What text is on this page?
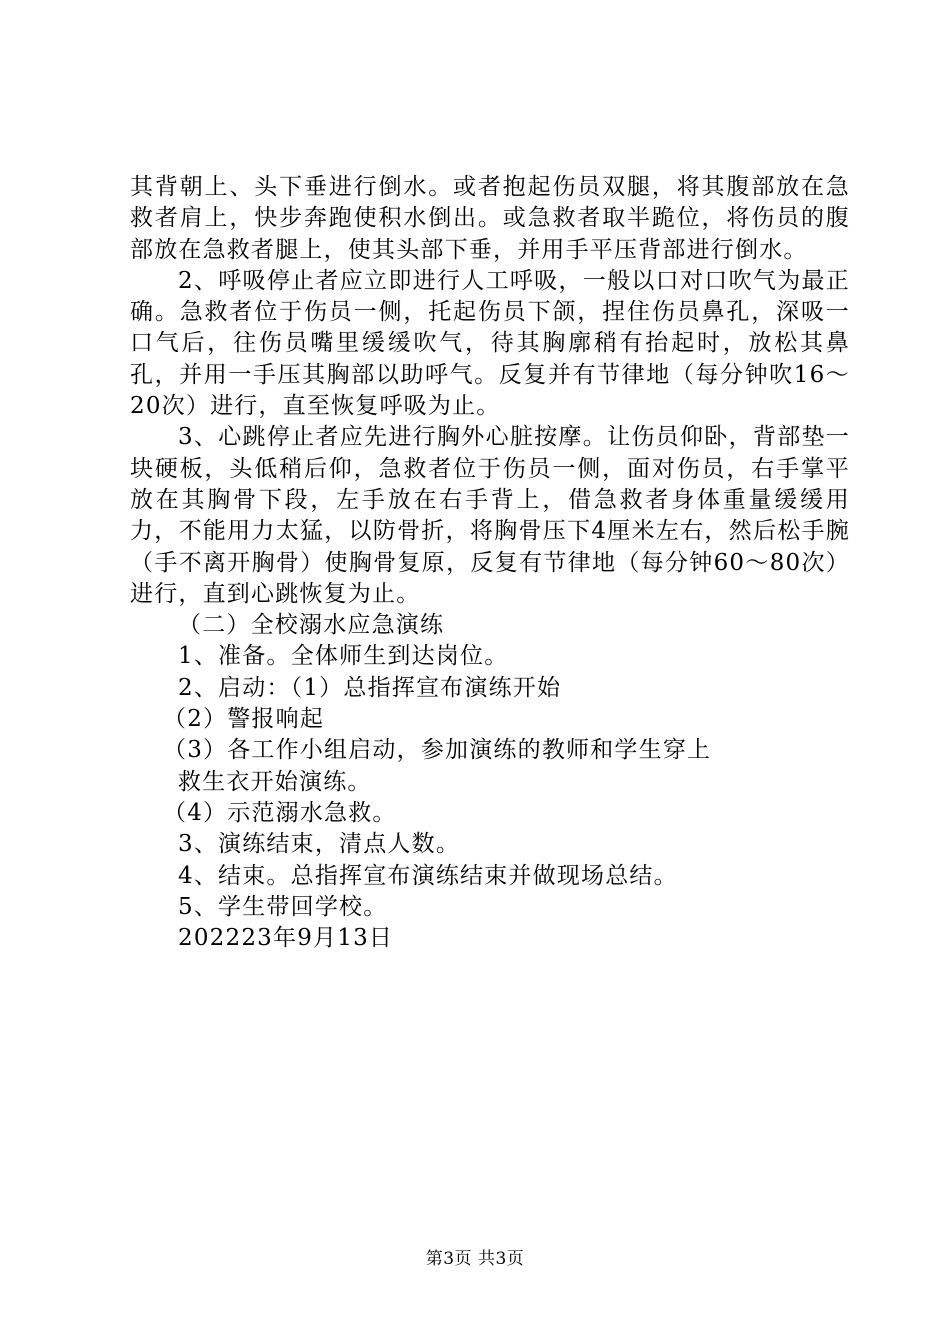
其背朝上、头下垂进行倒水。或者抱起伤员双腿，将其腹部放在急救者肩上，快步奔跑使积水倒出。或急救者取半跪位，将伤员的腹部放在急救者腿上，使其头部下垂，并用手平压背部进行倒水。

2、呼吸停止者应立即进行人工呼吸，一般以口对口吹气为最正确。急救者位于伤员一侧，托起伤员下颌，捏住伤员鼻孔，深吸一口气后，往伤员嘴里缓缓吹气，待其胸廓稍有抬起时，放松其鼻孔，并用一手压其胸部以助呼气。反复并有节律地（每分钟吹16～20次）进行，直至恢复呼吸为止。

3、心跳停止者应先进行胸外心脏按摩。让伤员仰卧，背部垫一块硬板，头低稍后仰，急救者位于伤员一侧，面对伤员，右手掌平放在其胸骨下段，左手放在右手背上，借急救者身体重量缓缓用力，不能用力太猛，以防骨折，将胸骨压下4厘米左右，然后松手腕（手不离开胸骨）使胸骨复原，反复有节律地（每分钟60～80次）进行，直到心跳恢复为止。

（二）全校溺水应急演练

1、准备。全体师生到达岗位。

2、启动：（1）总指挥宣布演练开始

（2）警报响起

（3）各工作小组启动，参加演练的教师和学生穿上

救生衣开始演练。

（4）示范溺水急救。

3、演练结束，清点人数。

4、结束。总指挥宣布演练结束并做现场总结。

5、学生带回学校。

202223年9月13日

第3页 共3页
